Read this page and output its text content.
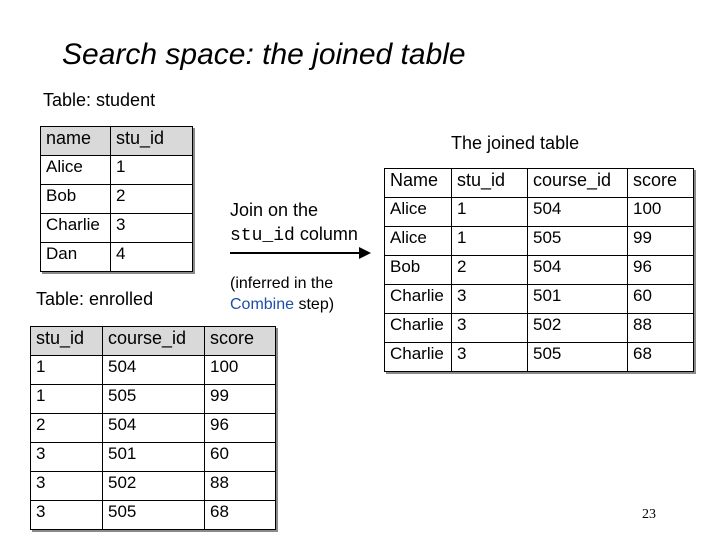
Search space: the joined table
Table: student
name	stu_id
Alice	1
Bob	2
Charlie	3
Dan	4
Table: enrolled
stu_id	course_id	score
1	504	100
1	505	99
2	504	96
3	501	60
3	502	88
3	505	68
Join on the
stu_id column
(inferred in the
Combine step)
The joined table
Name	stu_id	course_id	score
Alice	1	504	100
Alice	1	505	99
Bob	2	504	96
Charlie	3	501	60
Charlie	3	502	88
Charlie	3	505	68
23
